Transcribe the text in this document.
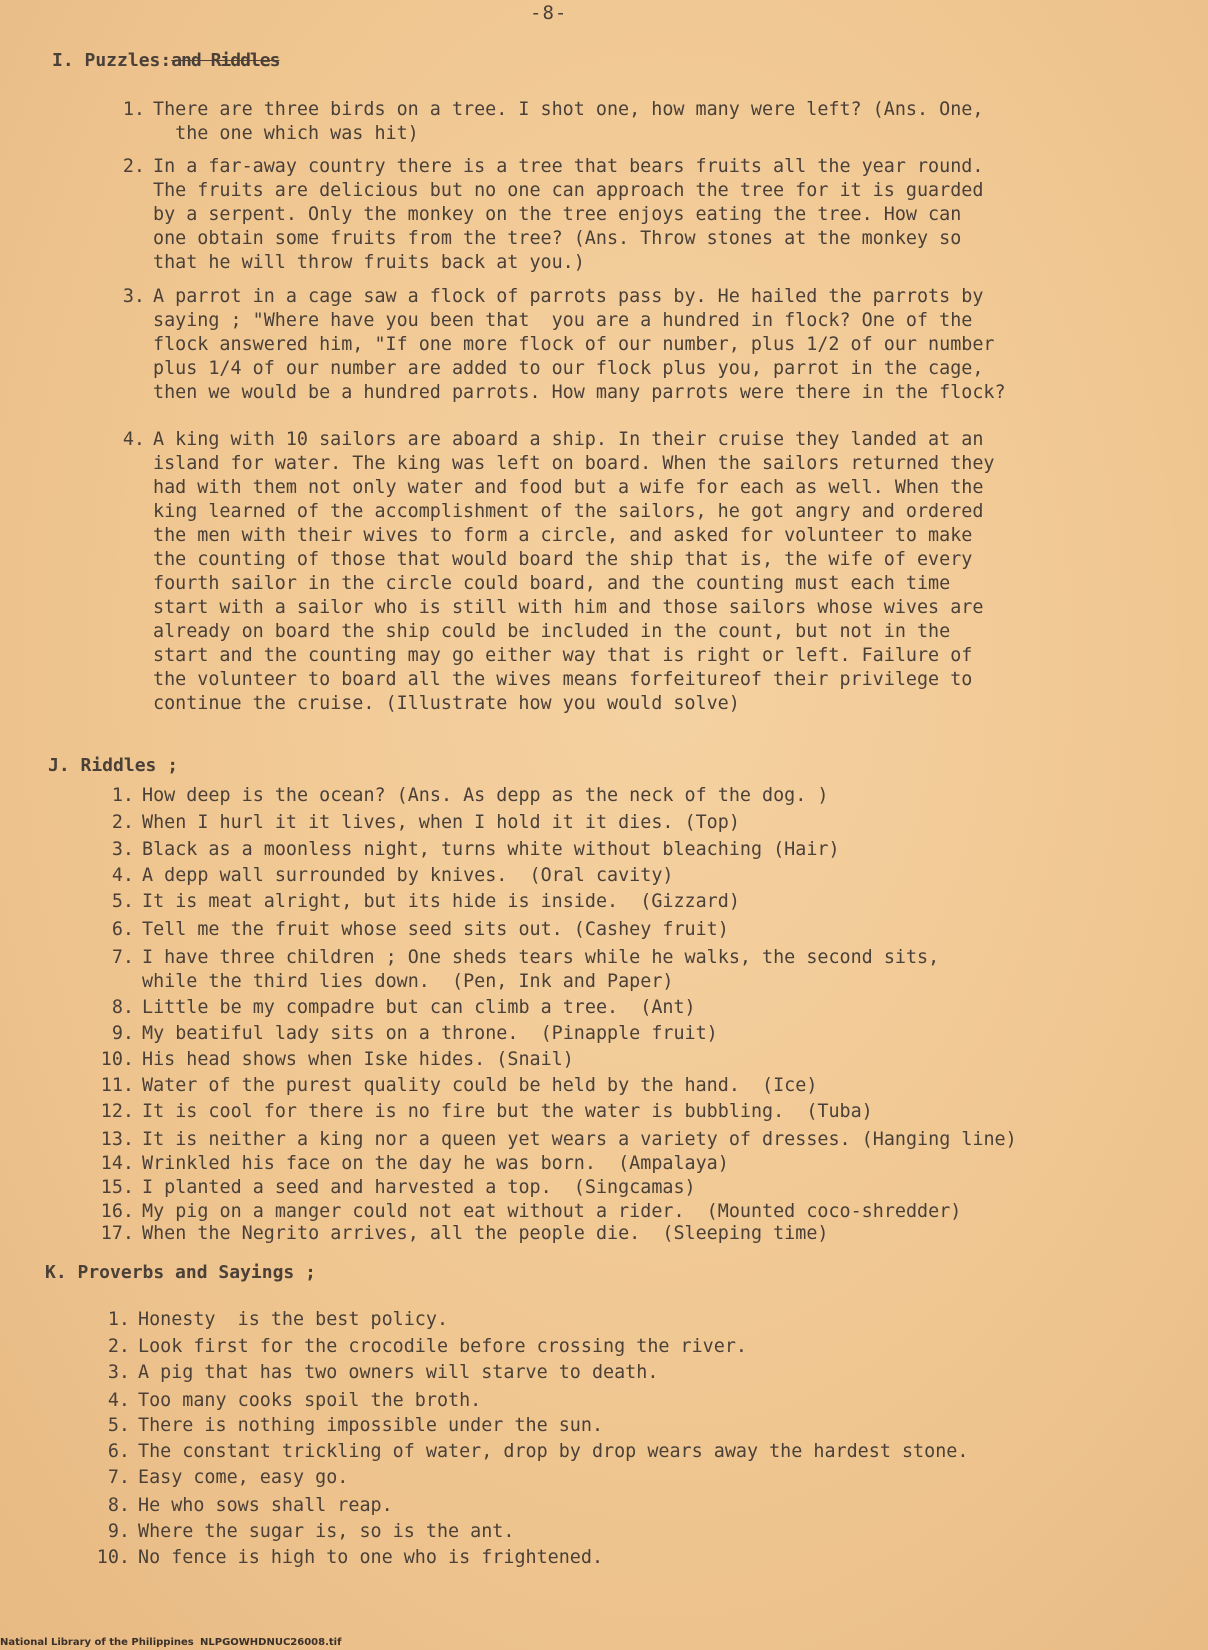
-8-
I. Puzzles:and Riddles
1. There are three birds on a tree. I shot one, how many were left? (Ans. One,
the one which was hit)
2. In a far-away country there is a tree that bears fruits all the year round.
The fruits are delicious but no one can approach the tree for it is guarded
by a serpent. Only the monkey on the tree enjoys eating the tree. How can
one obtain some fruits from the tree? (Ans. Throw stones at the monkey so
that he will throw fruits back at you.)
3. A parrot in a cage saw a flock of parrots pass by. He hailed the parrots by
saying ; "Where have you been that  you are a hundred in flock? One of the
flock answered him, "If one more flock of our number, plus 1/2 of our number
plus 1/4 of our number are added to our flock plus you, parrot in the cage,
then we would be a hundred parrots. How many parrots were there in the flock?
4. A king with 10 sailors are aboard a ship. In their cruise they landed at an
island for water. The king was left on board. When the sailors returned they
had with them not only water and food but a wife for each as well. When the
king learned of the accomplishment of the sailors, he got angry and ordered
the men with their wives to form a circle, and asked for volunteer to make
the counting of those that would board the ship that is, the wife of every
fourth sailor in the circle could board, and the counting must each time
start with a sailor who is still with him and those sailors whose wives are
already on board the ship could be included in the count, but not in the
start and the counting may go either way that is right or left. Failure of
the volunteer to board all the wives means forfeitureof their privilege to
continue the cruise. (Illustrate how you would solve)
J. Riddles ;
1. How deep is the ocean? (Ans. As depp as the neck of the dog. )
2. When I hurl it it lives, when I hold it it dies. (Top)
3. Black as a moonless night, turns white without bleaching (Hair)
4. A depp wall surrounded by knives.  (Oral cavity)
5. It is meat alright, but its hide is inside.  (Gizzard)
6. Tell me the fruit whose seed sits out. (Cashey fruit)
7. I have three children ; One sheds tears while he walks, the second sits,
while the third lies down.  (Pen, Ink and Paper)
8. Little be my compadre but can climb a tree.  (Ant)
9. My beatiful lady sits on a throne.  (Pinapple fruit)
10. His head shows when Iske hides. (Snail)
11. Water of the purest quality could be held by the hand.  (Ice)
12. It is cool for there is no fire but the water is bubbling.  (Tuba)
13. It is neither a king nor a queen yet wears a variety of dresses. (Hanging line)
14. Wrinkled his face on the day he was born.  (Ampalaya)
15. I planted a seed and harvested a top.  (Singcamas)
16. My pig on a manger could not eat without a rider.  (Mounted coco-shredder)
17. When the Negrito arrives, all the people die.  (Sleeping time)
K. Proverbs and Sayings ;
1. Honesty  is the best policy.
2. Look first for the crocodile before crossing the river.
3. A pig that has two owners will starve to death.
4. Too many cooks spoil the broth.
5. There is nothing impossible under the sun.
6. The constant trickling of water, drop by drop wears away the hardest stone.
7. Easy come, easy go.
8. He who sows shall reap.
9. Where the sugar is, so is the ant.
10. No fence is high to one who is frightened.
National Library of the Philippines NLPGOWHDNUC26008.tif
